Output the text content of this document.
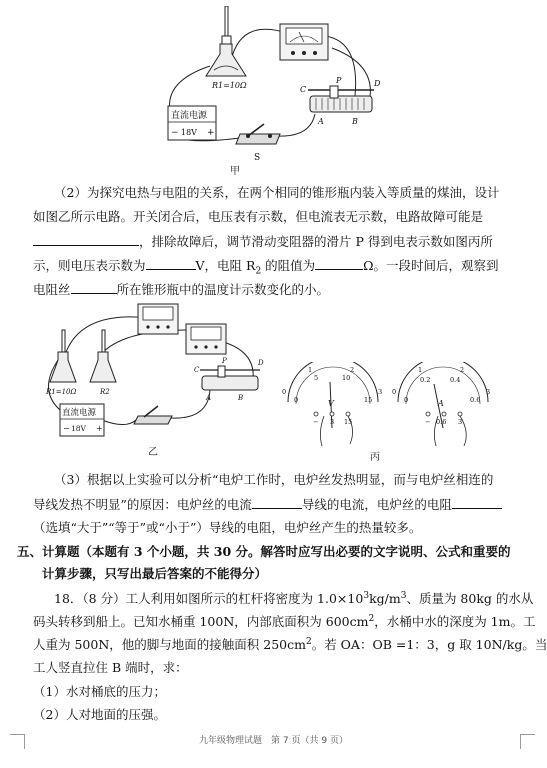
R1=10Ω
直流电源
− 18V +
S
C
P	D
A	B
甲
（2）为探究电热与电阻的关系，在两个相同的锥形瓶内装入等质量的煤油，设计
如图乙所示电路。开关闭合后，电压表有示数，但电流表无示数，电路故障可能是
，排除故障后，调节滑动变阻器的滑片 P 得到电表示数如图丙所
示，则电压表示数为	V，电阻 $R_2$ 的阻值为	Ω。一段时间后，观察到
电阻丝	所在锥形瓶中的温度计示数变化的小。
R1=10Ω	R2
直流电源
− 18V +
C
P	D
A	B
乙
0
1	2
3
0
5	10
15
V
− 3 15
0
1	2
3
0
0.2	0.4
0.6
A
− 0.6 3
丙
（3）根据以上实验可以分析“电炉工作时，电炉丝发热明显，而与电炉丝相连的
导线发热不明显”的原因：电炉丝的电流	导线的电流，电炉丝的电阻
（选填“大于”“等于”或“小于”）导线的电阻，电炉丝产生的热量较多。
五、计算题（本题有 3 个小题，共 30 分。解答时应写出必要的文字说明、公式和重要的
计算步骤，只写出最后答案的不能得分）
18．（8 分）工人利用如图所示的杠杆将密度为 $1.0\times 10^3kg/m^3$、质量为 80kg 的水从
码头转移到船上。已知水桶重 100N，内部底面积为 $600cm^2$，水桶中水的深度为 1m。工
人重为 500N，他的脚与地面的接触面积 $250cm^2$。若 OA：OB =1：3，g 取 10N/kg。当
工人竖直拉住 B 端时，求：
（1）水对桶底的压力；
（2）人对地面的压强。
九年级物理试题　第 7 页（共 9 页）
